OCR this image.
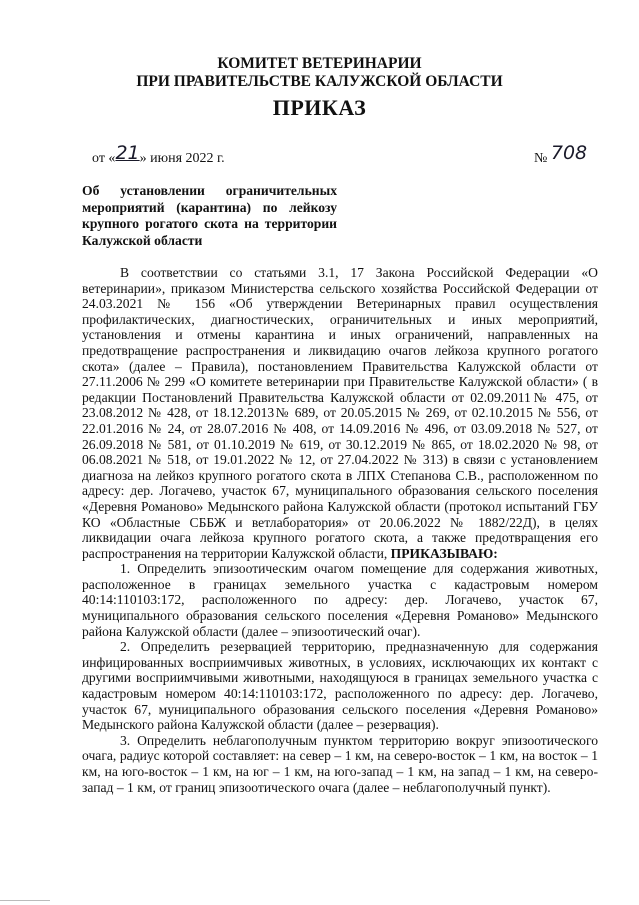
КОМИТЕТ ВЕТЕРИНАРИИ
ПРИ ПРАВИТЕЛЬСТВЕ КАЛУЖСКОЙ ОБЛАСТИ
ПРИКАЗ
от «21» июня 2022 г.	№ 708
Об установлении ограничительных мероприятий (карантина) по лейкозу крупного рогатого скота на территории Калужской области

В соответствии со статьями 3.1, 17 Закона Российской Федерации «О ветеринарии», приказом Министерства сельского хозяйства Российской Федерации от 24.03.2021 № 156 «Об утверждении Ветеринарных правил осуществления профилактических, диагностических, ограничительных и иных мероприятий, установления и отмены карантина и иных ограничений, направленных на предотвращение распространения и ликвидацию очагов лейкоза крупного рогатого скота» (далее – Правила), постановлением Правительства Калужской области от 27.11.2006 № 299 «О комитете ветеринарии при Правительстве Калужской области» ( в редакции Постановлений Правительства Калужской области от 02.09.2011№ 475, от 23.08.2012 № 428, от 18.12.2013№ 689, от 20.05.2015 № 269, от 02.10.2015 № 556, от 22.01.2016 № 24, от 28.07.2016 № 408, от 14.09.2016 № 496, от 03.09.2018 № 527, от 26.09.2018 № 581, от 01.10.2019 № 619, от 30.12.2019 № 865, от 18.02.2020 № 98, от 06.08.2021 № 518, от 19.01.2022 № 12, от 27.04.2022 № 313) в связи с установлением диагноза на лейкоз крупного рогатого скота в ЛПХ Степанова С.В., расположенном по адресу: дер. Логачево, участок 67, муниципального образования сельского поселения «Деревня Романово» Медынского района Калужской области (протокол испытаний ГБУ КО «Областные СББЖ и ветлаборатория» от 20.06.2022 № 1882/22Д), в целях ликвидации очага лейкоза крупного рогатого скота, а также предотвращения его распространения на территории Калужской области, ПРИКАЗЫВАЮ:

1. Определить эпизоотическим очагом помещение для содержания животных, расположенное в границах земельного участка с кадастровым номером 40:14:110103:172, расположенного по адресу: дер. Логачево, участок 67, муниципального образования сельского поселения «Деревня Романово» Медынского района Калужской области (далее – эпизоотический очаг).

2. Определить резервацией территорию, предназначенную для содержания инфицированных восприимчивых животных, в условиях, исключающих их контакт с другими восприимчивыми животными, находящуюся в границах земельного участка с кадастровым номером 40:14:110103:172, расположенного по адресу: дер. Логачево, участок 67, муниципального образования сельского поселения «Деревня Романово» Медынского района Калужской области (далее – резервация).

3. Определить неблагополучным пунктом территорию вокруг эпизоотического очага, радиус которой составляет: на север – 1 км, на северо-восток – 1 км, на восток – 1 км, на юго-восток – 1 км, на юг – 1 км, на юго-запад – 1 км, на запад – 1 км, на северо-запад – 1 км, от границ эпизоотического очага (далее – неблагополучный пункт).
